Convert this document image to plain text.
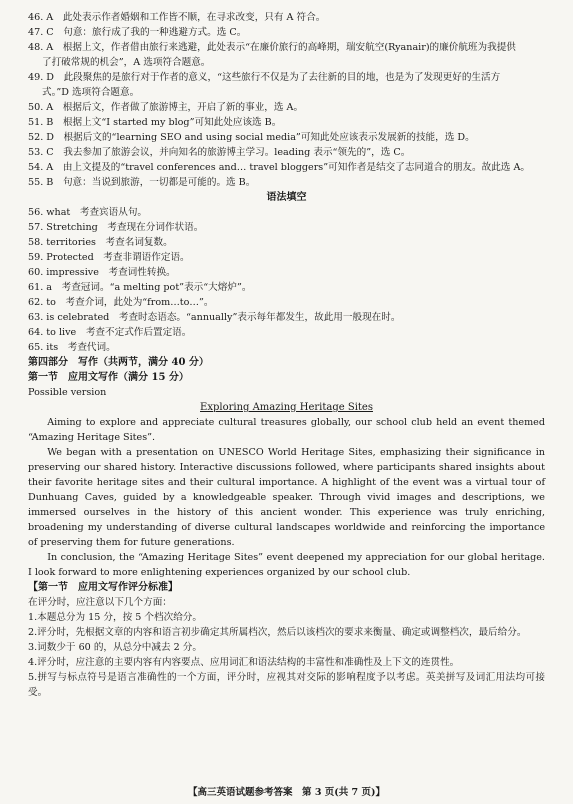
46. A　此处表示作者婚姻和工作皆不顺，在寻求改变，只有 A 符合。
47. C　句意：旅行成了我的一种逃避方式。选 C。
48. A　根据上文，作者借由旅行来逃避，此处表示“在廉价旅行的高峰期，瑞安航空(Ryanair)的廉价航班为我提供
了打破常规的机会”，A 选项符合题意。
49. D　此段聚焦的是旅行对于作者的意义，“这些旅行不仅是为了去往新的目的地，也是为了发现更好的生活方
式。”D 选项符合题意。
50. A　根据后文，作者做了旅游博主，开启了新的事业，选 A。
51. B　根据上文“I started my blog”可知此处应该选 B。
52. D　根据后文的“learning SEO and using social media”可知此处应该表示发展新的技能，选 D。
53. C　我去参加了旅游会议，并向知名的旅游博主学习。leading 表示“领先的”，选 C。
54. A　由上文提及的“travel conferences and… travel bloggers”可知作者是结交了志同道合的朋友。故此选 A。
55. B　句意：当说到旅游，一切都是可能的。选 B。
语法填空
56. what　考查宾语从句。
57. Stretching　考查现在分词作状语。
58. territories　考查名词复数。
59. Protected　考查非谓语作定语。
60. impressive　考查词性转换。
61. a　考查冠词。“a melting pot”表示“大熔炉”。
62. to　考查介词，此处为“from…to…”。
63. is celebrated　考查时态语态。“annually”表示每年都发生，故此用一般现在时。
64. to live　考查不定式作后置定语。
65. its　考查代词。
第四部分　写作（共两节，满分 40 分）
第一节　应用文写作（满分 15 分）
Possible version
Exploring Amazing Heritage Sites
Aiming to explore and appreciate cultural treasures globally, our school club held an event themed “Amazing Heritage Sites”.
We began with a presentation on UNESCO World Heritage Sites, emphasizing their significance in preserving our shared history. Interactive discussions followed, where participants shared insights about their favorite heritage sites and their cultural importance. A highlight of the event was a virtual tour of Dunhuang Caves, guided by a knowledgeable speaker. Through vivid images and descriptions, we immersed ourselves in the history of this ancient wonder. This experience was truly enriching, broadening my understanding of diverse cultural landscapes worldwide and reinforcing the importance of preserving them for future generations.
In conclusion, the “Amazing Heritage Sites” event deepened my appreciation for our global heritage. I look forward to more enlightening experiences organized by our school club.
【第一节　应用文写作评分标准】
在评分时，应注意以下几个方面：
1.本题总分为 15 分，按 5 个档次给分。
2.评分时，先根据文章的内容和语言初步确定其所属档次，然后以该档次的要求来衡量、确定或调整档次，最后给分。
3.词数少于 60 的，从总分中减去 2 分。
4.评分时，应注意的主要内容有内容要点、应用词汇和语法结构的丰富性和准确性及上下文的连贯性。
5.拼写与标点符号是语言准确性的一个方面，评分时，应视其对交际的影响程度予以考虑。英美拼写及词汇用法均可接受。
【高三英语试题参考答案　第 3 页(共 7 页)】
